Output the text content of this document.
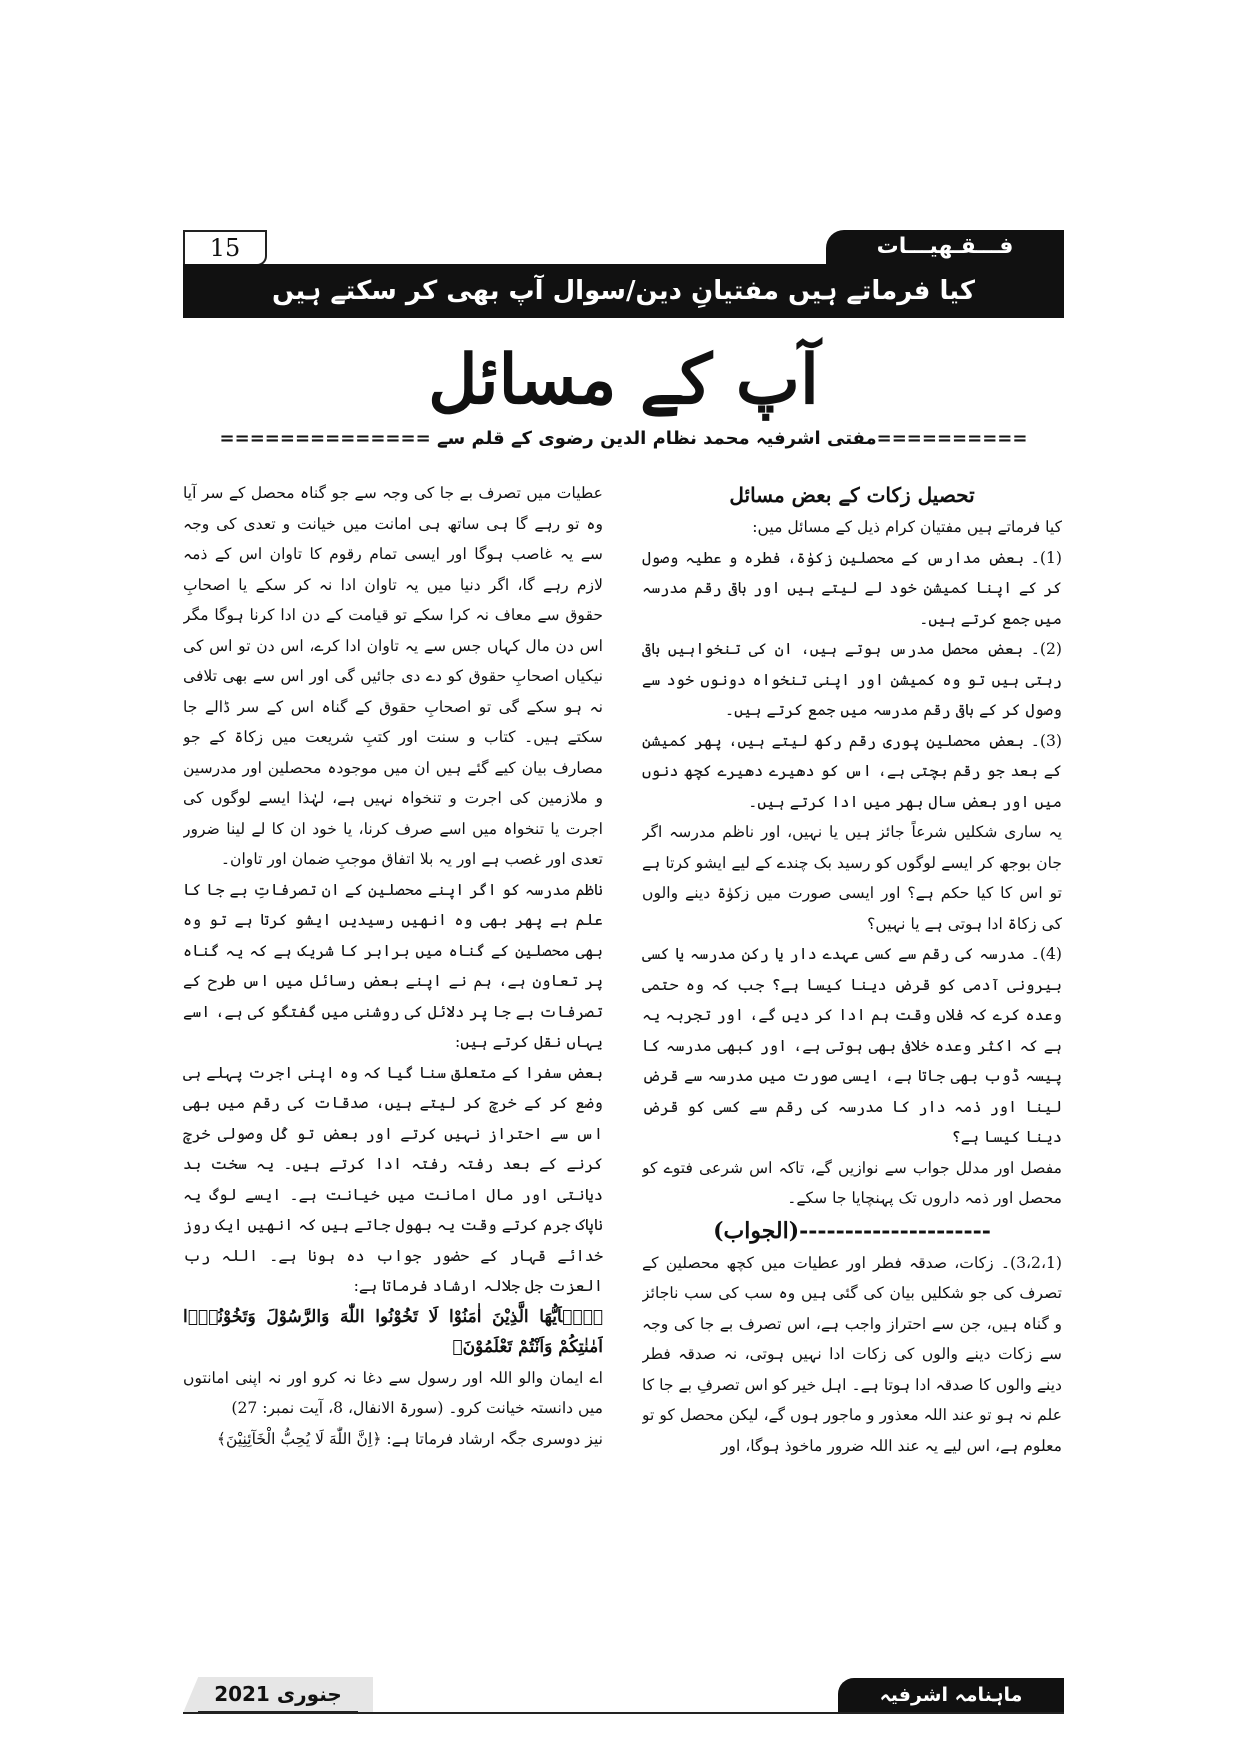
15	فـــقـهيـــات
کیا فرماتے ہیں مفتیانِ دین/سوال آپ بھی کر سکتے ہیں
آپ کے مسائل
==========مفتی اشرفیہ محمد نظام الدین رضوی کے قلم سے ==============

تحصیل زکات کے بعض مسائل

کیا فرماتے ہیں مفتیان کرام ذیل کے مسائل میں:

(1)۔ بعض مدارس کے محصلین زکوٰۃ، فطرہ و عطیہ وصول کر کے اپنا کمیشن خود لے لیتے ہیں اور باقی رقم مدرسہ میں جمع کرتے ہیں۔

(2)۔ بعض محصل مدرس ہوتے ہیں، ان کی تنخواہیں باقی رہتی ہیں تو وہ کمیشن اور اپنی تنخواہ دونوں خود سے وصول کر کے باقی رقم مدرسہ میں جمع کرتے ہیں۔

(3)۔ بعض محصلین پوری رقم رکھ لیتے ہیں، پھر کمیشن کے بعد جو رقم بچتی ہے، اس کو دھیرے دھیرے کچھ دنوں میں اور بعض سال بھر میں ادا کرتے ہیں۔

یہ ساری شکلیں شرعاً جائز ہیں یا نہیں، اور ناظم مدرسہ اگر جان بوجھ کر ایسے لوگوں کو رسید بک چندے کے لیے ایشو کرتا ہے تو اس کا کیا حکم ہے؟ اور ایسی صورت میں زکوٰۃ دینے والوں کی زکاۃ ادا ہوتی ہے یا نہیں؟

(4)۔ مدرسہ کی رقم سے کسی عہدے دار یا رکن مدرسہ یا کسی بیرونی آدمی کو قرض دینا کیسا ہے؟ جب کہ وہ حتمی وعدہ کرے کہ فلاں وقت ہم ادا کر دیں گے، اور تجربہ یہ ہے کہ اکثر وعدہ خلافی بھی ہوتی ہے، اور کبھی مدرسہ کا پیسہ ڈوب بھی جاتا ہے، ایسی صورت میں مدرسہ سے قرض لینا اور ذمہ دار کا مدرسہ کی رقم سے کسی کو قرض دینا کیسا ہے؟

مفصل اور مدلل جواب سے نوازیں گے، تاکہ اس شرعی فتوے کو محصل اور ذمہ داروں تک پہنچایا جا سکے۔

---------------------(الجواب)

(3،2،1)۔ زکات، صدقہ فطر اور عطیات میں کچھ محصلین کے تصرف کی جو شکلیں بیان کی گئی ہیں وہ سب کی سب ناجائز و گناہ ہیں، جن سے احتراز واجب ہے، اس تصرف بے جا کی وجہ سے زکات دینے والوں کی زکات ادا نہیں ہوتی، نہ صدقہ فطر دینے والوں کا صدقہ ادا ہوتا ہے۔ اہل خیر کو اس تصرفِ بے جا کا علم نہ ہو تو عند اللہ معذور و ماجور ہوں گے، لیکن محصل کو تو معلوم ہے، اس لیے یہ عند اللہ ضرور ماخوذ ہوگا، اور

عطیات میں تصرف بے جا کی وجہ سے جو گناہ محصل کے سر آیا وہ تو رہے گا ہی ساتھ ہی امانت میں خیانت و تعدی کی وجہ سے یہ غاصب ہوگا اور ایسی تمام رقوم کا تاوان اس کے ذمہ لازم رہے گا، اگر دنیا میں یہ تاوان ادا نہ کر سکے یا اصحابِ حقوق سے معاف نہ کرا سکے تو قیامت کے دن ادا کرنا ہوگا مگر اس دن مال کہاں جس سے یہ تاوان ادا کرے، اس دن تو اس کی نیکیاں اصحابِ حقوق کو دے دی جائیں گی اور اس سے بھی تلافی نہ ہو سکے گی تو اصحابِ حقوق کے گناہ اس کے سر ڈالے جا سکتے ہیں۔ کتاب و سنت اور کتبِ شریعت میں زکاۃ کے جو مصارف بیان کیے گئے ہیں ان میں موجودہ محصلین اور مدرسین و ملازمین کی اجرت و تنخواہ نہیں ہے، لہٰذا ایسے لوگوں کی اجرت یا تنخواہ میں اسے صرف کرنا، یا خود ان کا لے لینا ضرور تعدی اور غصب ہے اور یہ بلا اتفاق موجبِ ضمان اور تاوان۔

ناظم مدرسہ کو اگر اپنے محصلین کے ان تصرفاتِ بے جا کا علم ہے پھر بھی وہ انھیں رسیدیں ایشو کرتا ہے تو وہ بھی محصلین کے گناہ میں برابر کا شریک ہے کہ یہ گناہ پر تعاون ہے، ہم نے اپنے بعض رسائل میں اس طرح کے تصرفات بے جا پر دلائل کی روشنی میں گفتگو کی ہے، اسے یہاں نقل کرتے ہیں:

بعض سفرا کے متعلق سنا گیا کہ وہ اپنی اجرت پہلے ہی وضع کر کے خرچ کر لیتے ہیں، صدقات کی رقم میں بھی اس سے احتراز نہیں کرتے اور بعض تو کُل وصولی خرچ کرنے کے بعد رفتہ رفتہ ادا کرتے ہیں۔ یہ سخت بد دیانتی اور مال امانت میں خیانت ہے۔ ایسے لوگ یہ ناپاک جرم کرتے وقت یہ بھول جاتے ہیں کہ انھیں ایک روز خدائے قہار کے حضور جواب دہ ہونا ہے۔ اللہ رب العزت جل جلالہ ارشاد فرماتا ہے:

﴿يٰۤاَيُّهَا الَّذِيْنَ اٰمَنُوْا لَا تَخُوْنُوا اللّٰهَ وَالرَّسُوْلَ وَتَخُوْنُوْۤا اَمٰنٰتِكُمْ وَاَنْتُمْ تَعْلَمُوْنَ﴾

اے ایمان والو اللہ اور رسول سے دغا نہ کرو اور نہ اپنی امانتوں میں دانستہ خیانت کرو۔ (سورۃ الانفال، 8، آیت نمبر: 27)

نیز دوسری جگہ ارشاد فرماتا ہے: ﴿اِنَّ اللّٰهَ لَا يُحِبُّ الْخَآئِنِيْنَ﴾

جنوری 2021	ماہنامہ اشرفیہ
